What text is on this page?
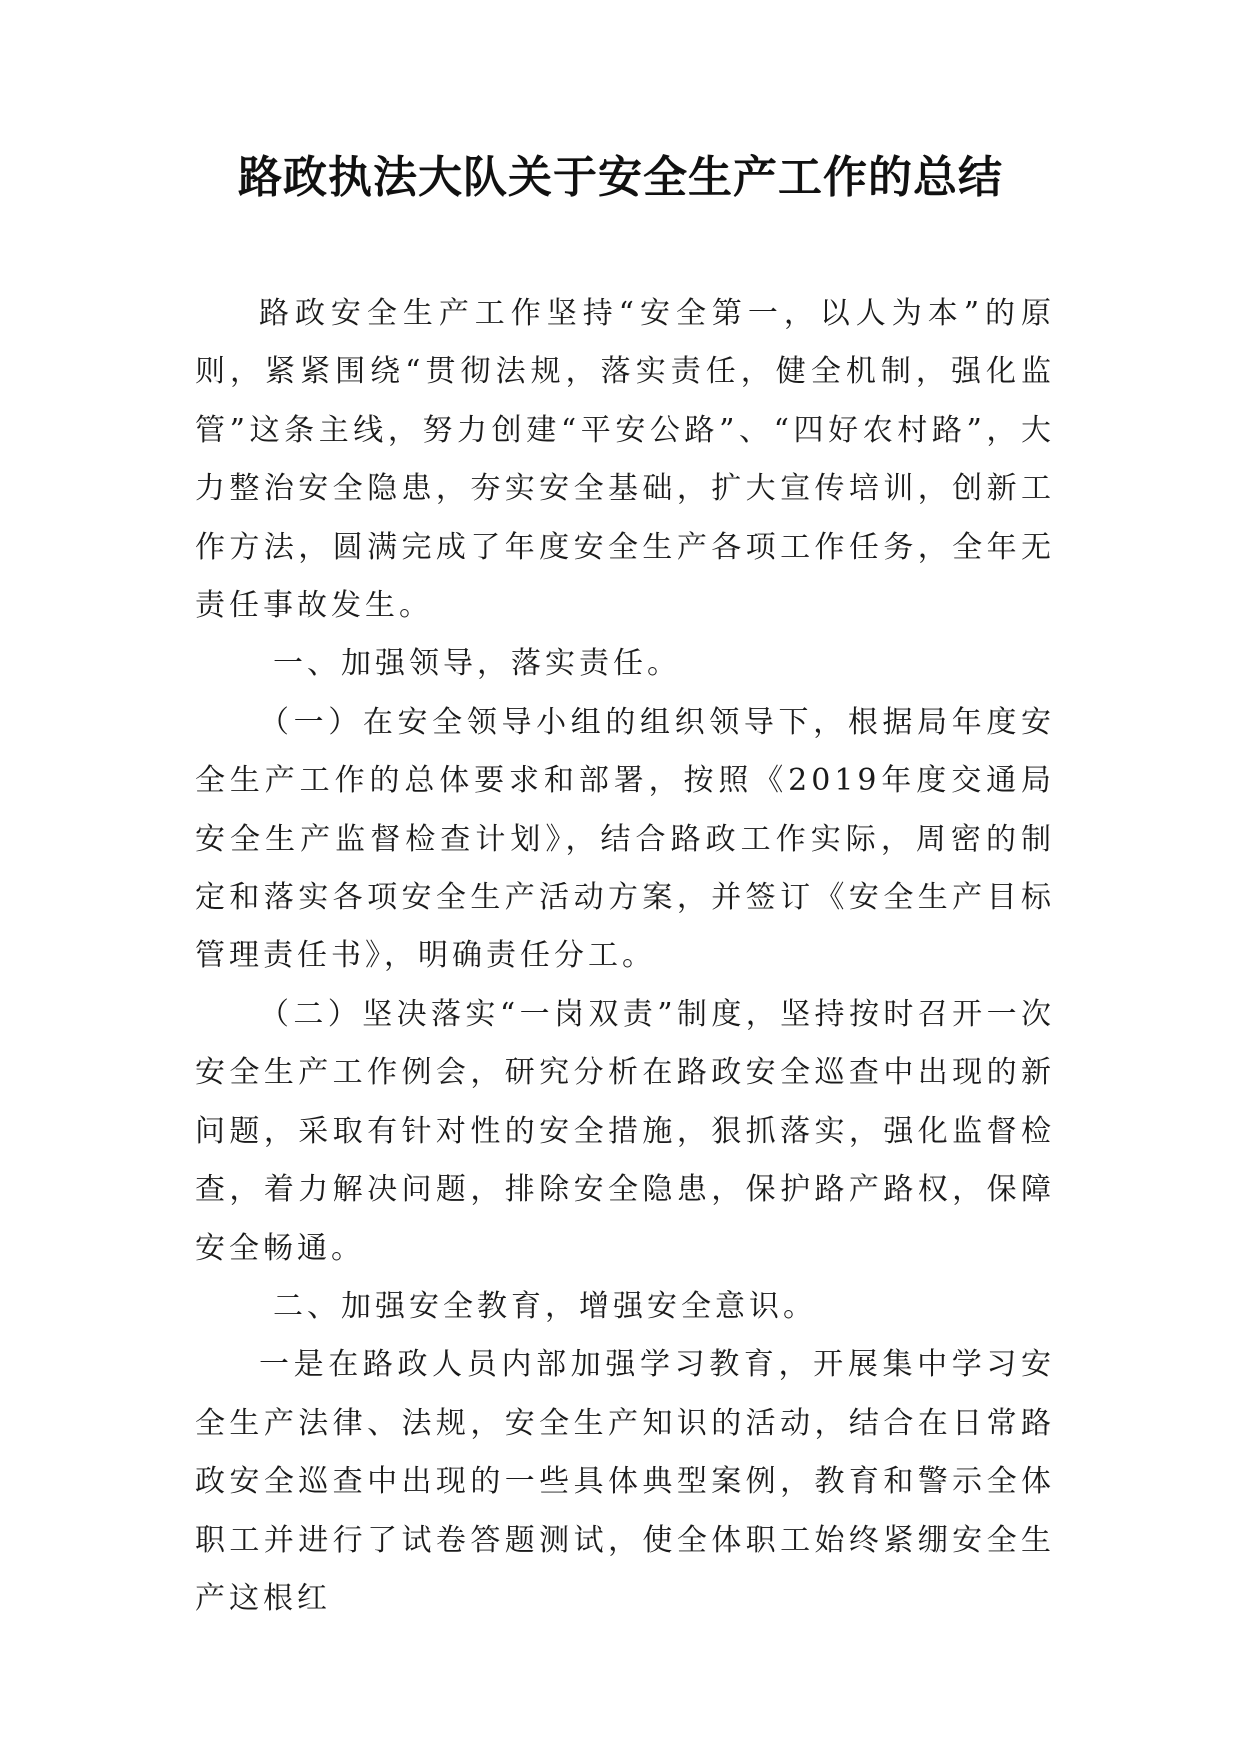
路政执法大队关于安全生产工作的总结

路政安全生产工作坚持“安全第一，以人为本”的原则，紧紧围绕“贯彻法规，落实责任，健全机制，强化监管”这条主线，努力创建“平安公路”、“四好农村路”，大力整治安全隐患，夯实安全基础，扩大宣传培训，创新工作方法，圆满完成了年度安全生产各项工作任务，全年无责任事故发生。

一、加强领导，落实责任。

（一）在安全领导小组的组织领导下，根据局年度安全生产工作的总体要求和部署，按照《2019年度交通局安全生产监督检查计划》，结合路政工作实际，周密的制定和落实各项安全生产活动方案，并签订《安全生产目标管理责任书》，明确责任分工。

（二）坚决落实“一岗双责”制度，坚持按时召开一次安全生产工作例会，研究分析在路政安全巡查中出现的新问题，采取有针对性的安全措施，狠抓落实，强化监督检查，着力解决问题，排除安全隐患，保护路产路权，保障安全畅通。

二、加强安全教育，增强安全意识。

一是在路政人员内部加强学习教育，开展集中学习安全生产法律、法规，安全生产知识的活动，结合在日常路政安全巡查中出现的一些具体典型案例，教育和警示全体职工并进行了试卷答题测试，使全体职工始终紧绷安全生产这根红
